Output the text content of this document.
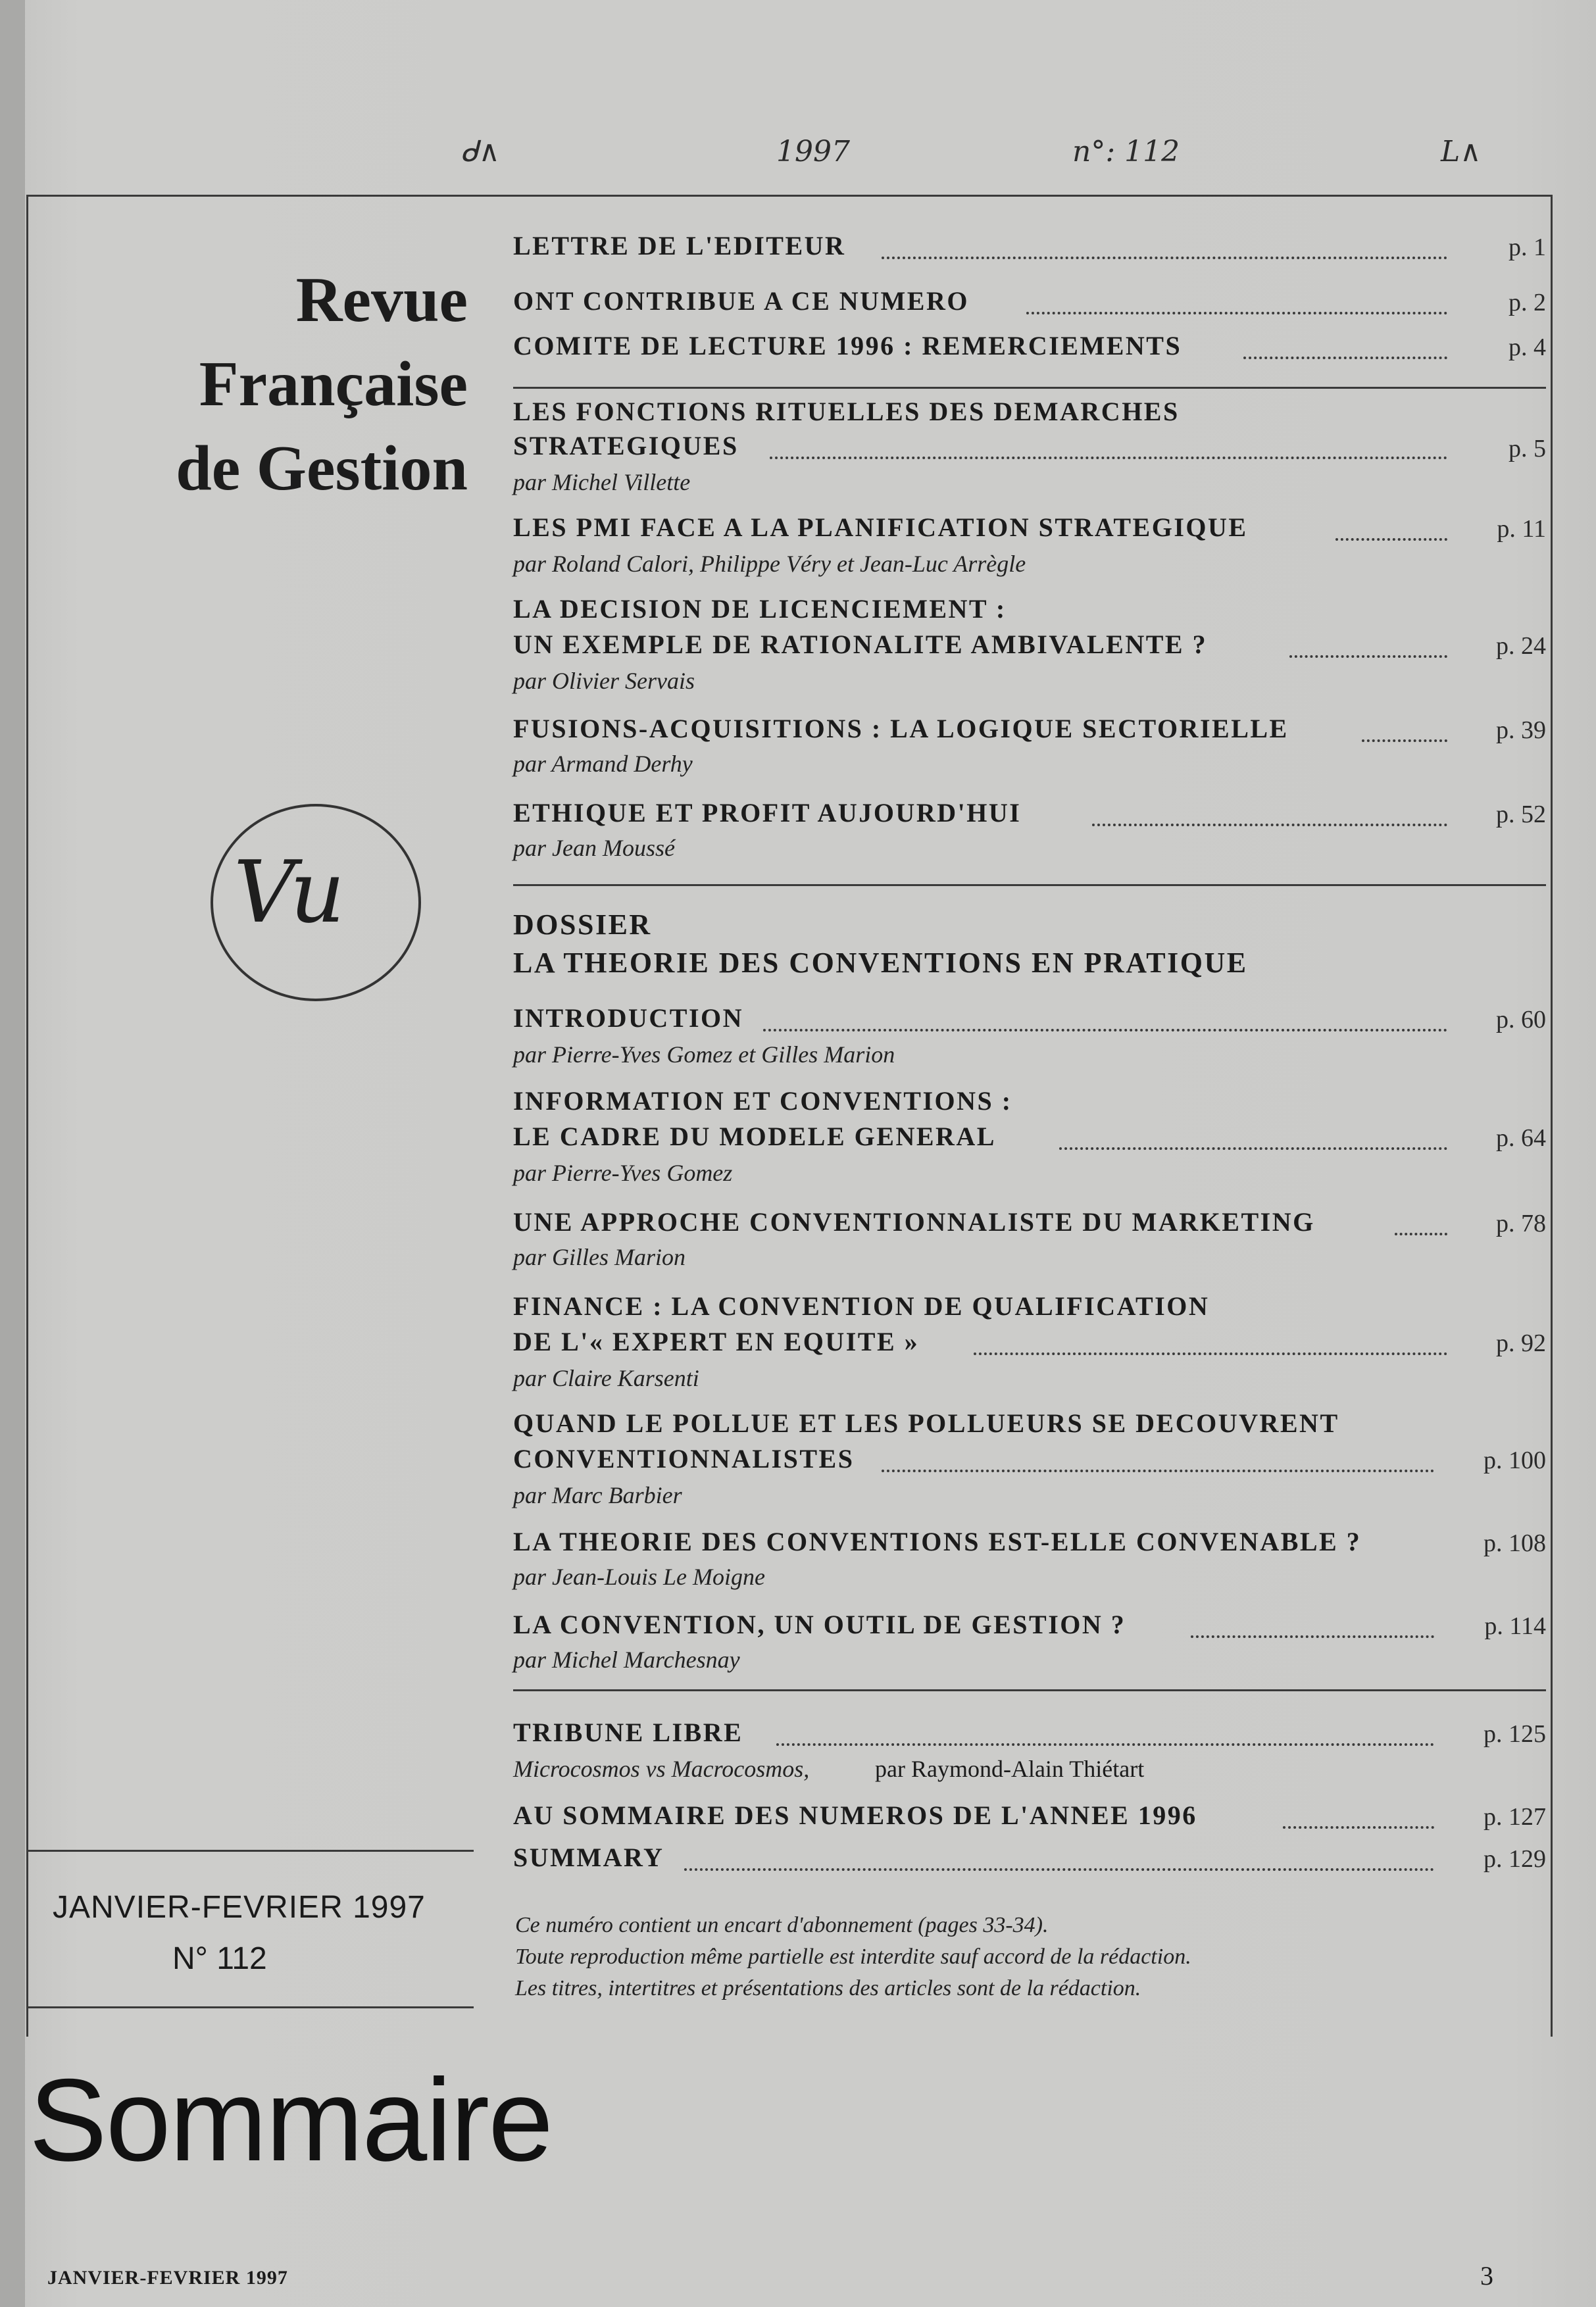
ᑯ∧	1997	n°: 112	L∧
Revue
Française
de Gestion
Vu
JANVIER-FEVRIER 1997
N° 112
Sommaire
LETTRE DE L'EDITEUR	p. 1
ONT CONTRIBUE A CE NUMERO	p. 2
COMITE DE LECTURE 1996 : REMERCIEMENTS	p. 4
LES FONCTIONS RITUELLES DES DEMARCHES
STRATEGIQUES	p. 5
par Michel Villette
LES PMI FACE A LA PLANIFICATION STRATEGIQUE	p. 11
par Roland Calori, Philippe Véry et Jean-Luc Arrègle
LA DECISION DE LICENCIEMENT :
UN EXEMPLE DE RATIONALITE AMBIVALENTE ?	p. 24
par Olivier Servais
FUSIONS-ACQUISITIONS : LA LOGIQUE SECTORIELLE	p. 39
par Armand Derhy
ETHIQUE ET PROFIT AUJOURD'HUI	p. 52
par Jean Moussé
DOSSIER
LA THEORIE DES CONVENTIONS EN PRATIQUE
INTRODUCTION	p. 60
par Pierre-Yves Gomez et Gilles Marion
INFORMATION ET CONVENTIONS :
LE CADRE DU MODELE GENERAL	p. 64
par Pierre-Yves Gomez
UNE APPROCHE CONVENTIONNALISTE DU MARKETING	p. 78
par Gilles Marion
FINANCE : LA CONVENTION DE QUALIFICATION
DE L'« EXPERT EN EQUITE »	p. 92
par Claire Karsenti
QUAND LE POLLUE ET LES POLLUEURS SE DECOUVRENT
CONVENTIONNALISTES	p. 100
par Marc Barbier
LA THEORIE DES CONVENTIONS EST-ELLE CONVENABLE ?	p. 108
par Jean-Louis Le Moigne
LA CONVENTION, UN OUTIL DE GESTION ?	p. 114
par Michel Marchesnay
TRIBUNE LIBRE	p. 125
Microcosmos vs Macrocosmos,	par Raymond-Alain Thiétart
AU SOMMAIRE DES NUMEROS DE L'ANNEE 1996	p. 127
SUMMARY	p. 129
Ce numéro contient un encart d'abonnement (pages 33-34).
Toute reproduction même partielle est interdite sauf accord de la rédaction.
Les titres, intertitres et présentations des articles sont de la rédaction.
JANVIER-FEVRIER 1997	3
